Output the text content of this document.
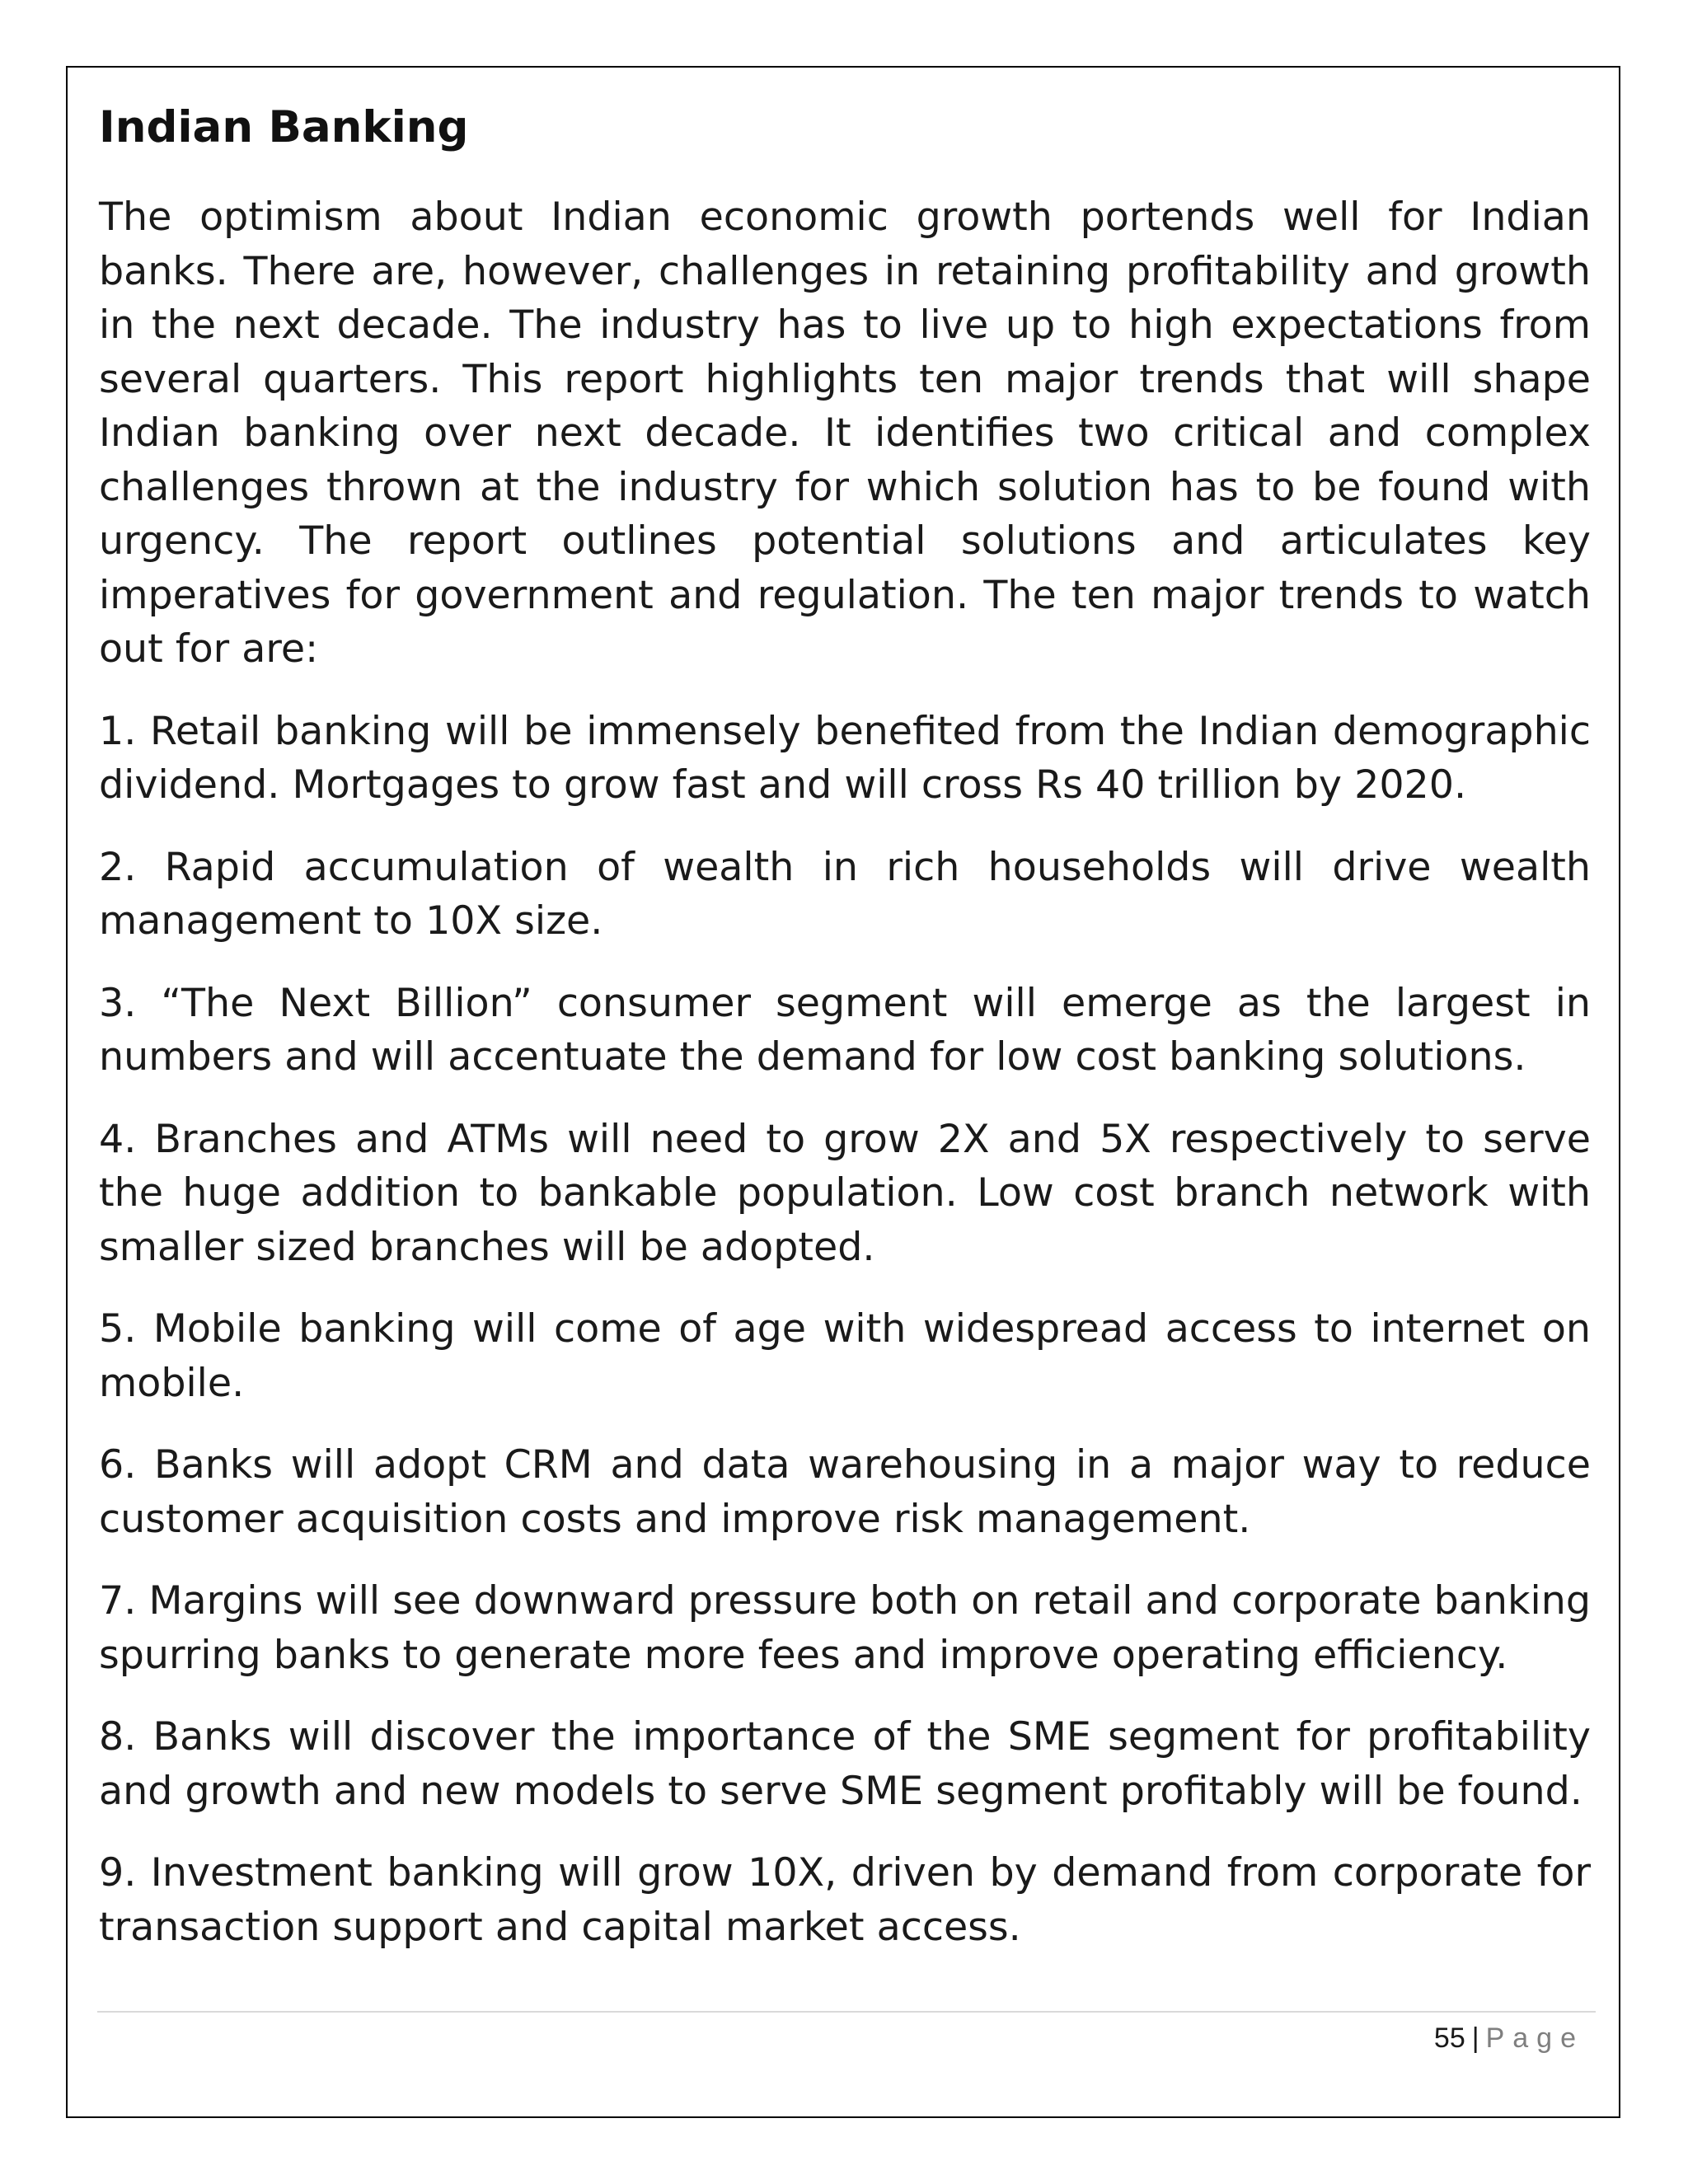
Indian Banking

The optimism about Indian economic growth portends well for Indian banks. There are, however, challenges in retaining profitability and growth in the next decade. The industry has to live up to high expectations from several quarters. This report highlights ten major trends that will shape Indian banking over next decade. It identifies two critical and complex challenges thrown at the industry for which solution has to be found with urgency. The report outlines potential solutions and articulates key imperatives for government and regulation. The ten major trends to watch out for are:

1. Retail banking will be immensely benefited from the Indian demographic dividend. Mortgages to grow fast and will cross Rs 40 trillion by 2020.

2. Rapid accumulation of wealth in rich households will drive wealth management to 10X size.

3. “The Next Billion” consumer segment will emerge as the largest in numbers and will accentuate the demand for low cost banking solutions.

4. Branches and ATMs will need to grow 2X and 5X respectively to serve the huge addition to bankable population. Low cost branch network with smaller sized branches will be adopted.

5. Mobile banking will come of age with widespread access to internet on mobile.

6. Banks will adopt CRM and data warehousing in a major way to reduce customer acquisition costs and improve risk management.

7. Margins will see downward pressure both on retail and corporate banking spurring banks to generate more fees and improve operating efficiency.

8. Banks will discover the importance of the SME segment for profitability and growth and new models to serve SME segment profitably will be found.

9. Investment banking will grow 10X, driven by demand from corporate for transaction support and capital market access.

55 | Page
